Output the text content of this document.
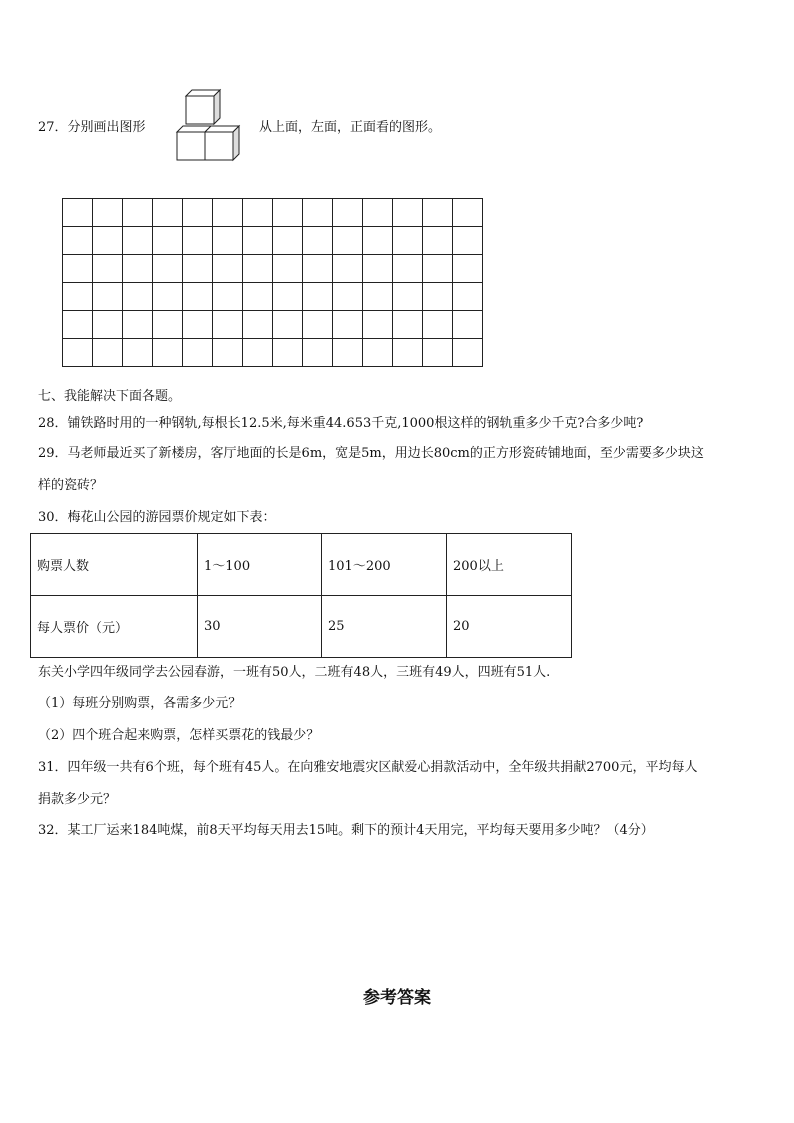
27．分别画出图形	从上面，左面，正面看的图形。

七、我能解决下面各题。
28．铺铁路时用的一种钢轨,每根长12.5米,每米重44.653千克,1000根这样的钢轨重多少千克?合多少吨?
29．马老师最近买了新楼房，客厅地面的长是6m，宽是5m，用边长80cm的正方形瓷砖铺地面，至少需要多少块这
样的瓷砖？
30．梅花山公园的游园票价规定如下表：
购票人数	1～100	101～200	200以上
每人票价（元）	30	25	20
东关小学四年级同学去公园春游，一班有50人，二班有48人，三班有49人，四班有51人.
（1）每班分别购票，各需多少元？
（2）四个班合起来购票，怎样买票花的钱最少？
31．四年级一共有6个班，每个班有45人。在向雅安地震灾区献爱心捐款活动中，全年级共捐献2700元，平均每人
捐款多少元？
32．某工厂运来184吨煤，前8天平均每天用去15吨。剩下的预计4天用完，平均每天要用多少吨？（4分）
参考答案
